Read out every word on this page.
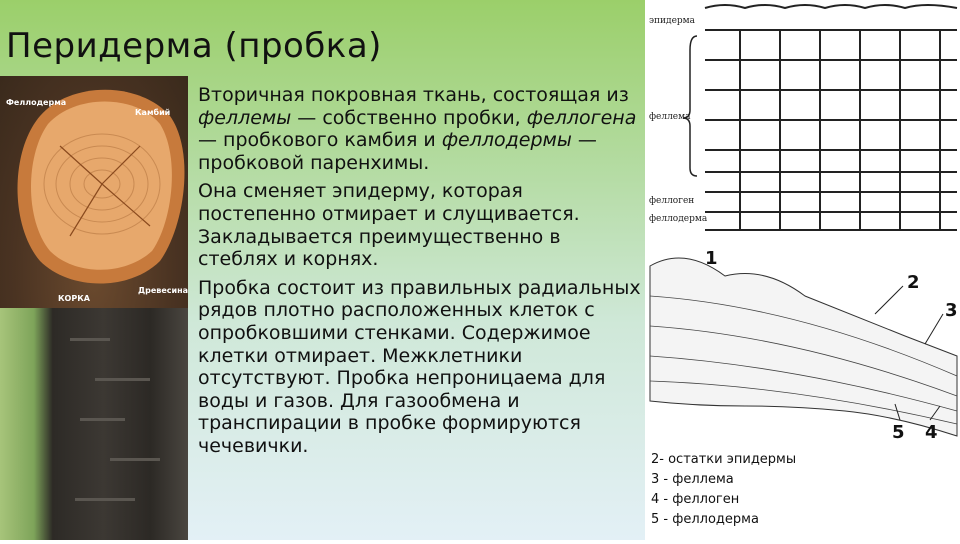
Перидерма (пробка)
Феллодерма
Камбий
КОРКА
Древесина

Вторичная покровная ткань, состоящая из феллемы — собственно пробки, феллогена — пробкового камбия и феллодермы — пробковой паренхимы.

Она сменяет эпидерму, которая постепенно отмирает и слущивается. Закладывается преимущественно в стеблях и корнях.

Пробка состоит из правильных радиальных рядов плотно расположенных клеток с опробковшими стенками. Содержимое клетки отмирает. Межклетники отсутствуют. Пробка непроницаема для воды и газов. Для газообмена и транспирации в пробке формируются чечевички.

эпидерма
феллема
феллоген
феллодерма
1
2
3
5 4
2- остатки эпидермы
3 - феллема
4 - феллоген
5 - феллодерма
